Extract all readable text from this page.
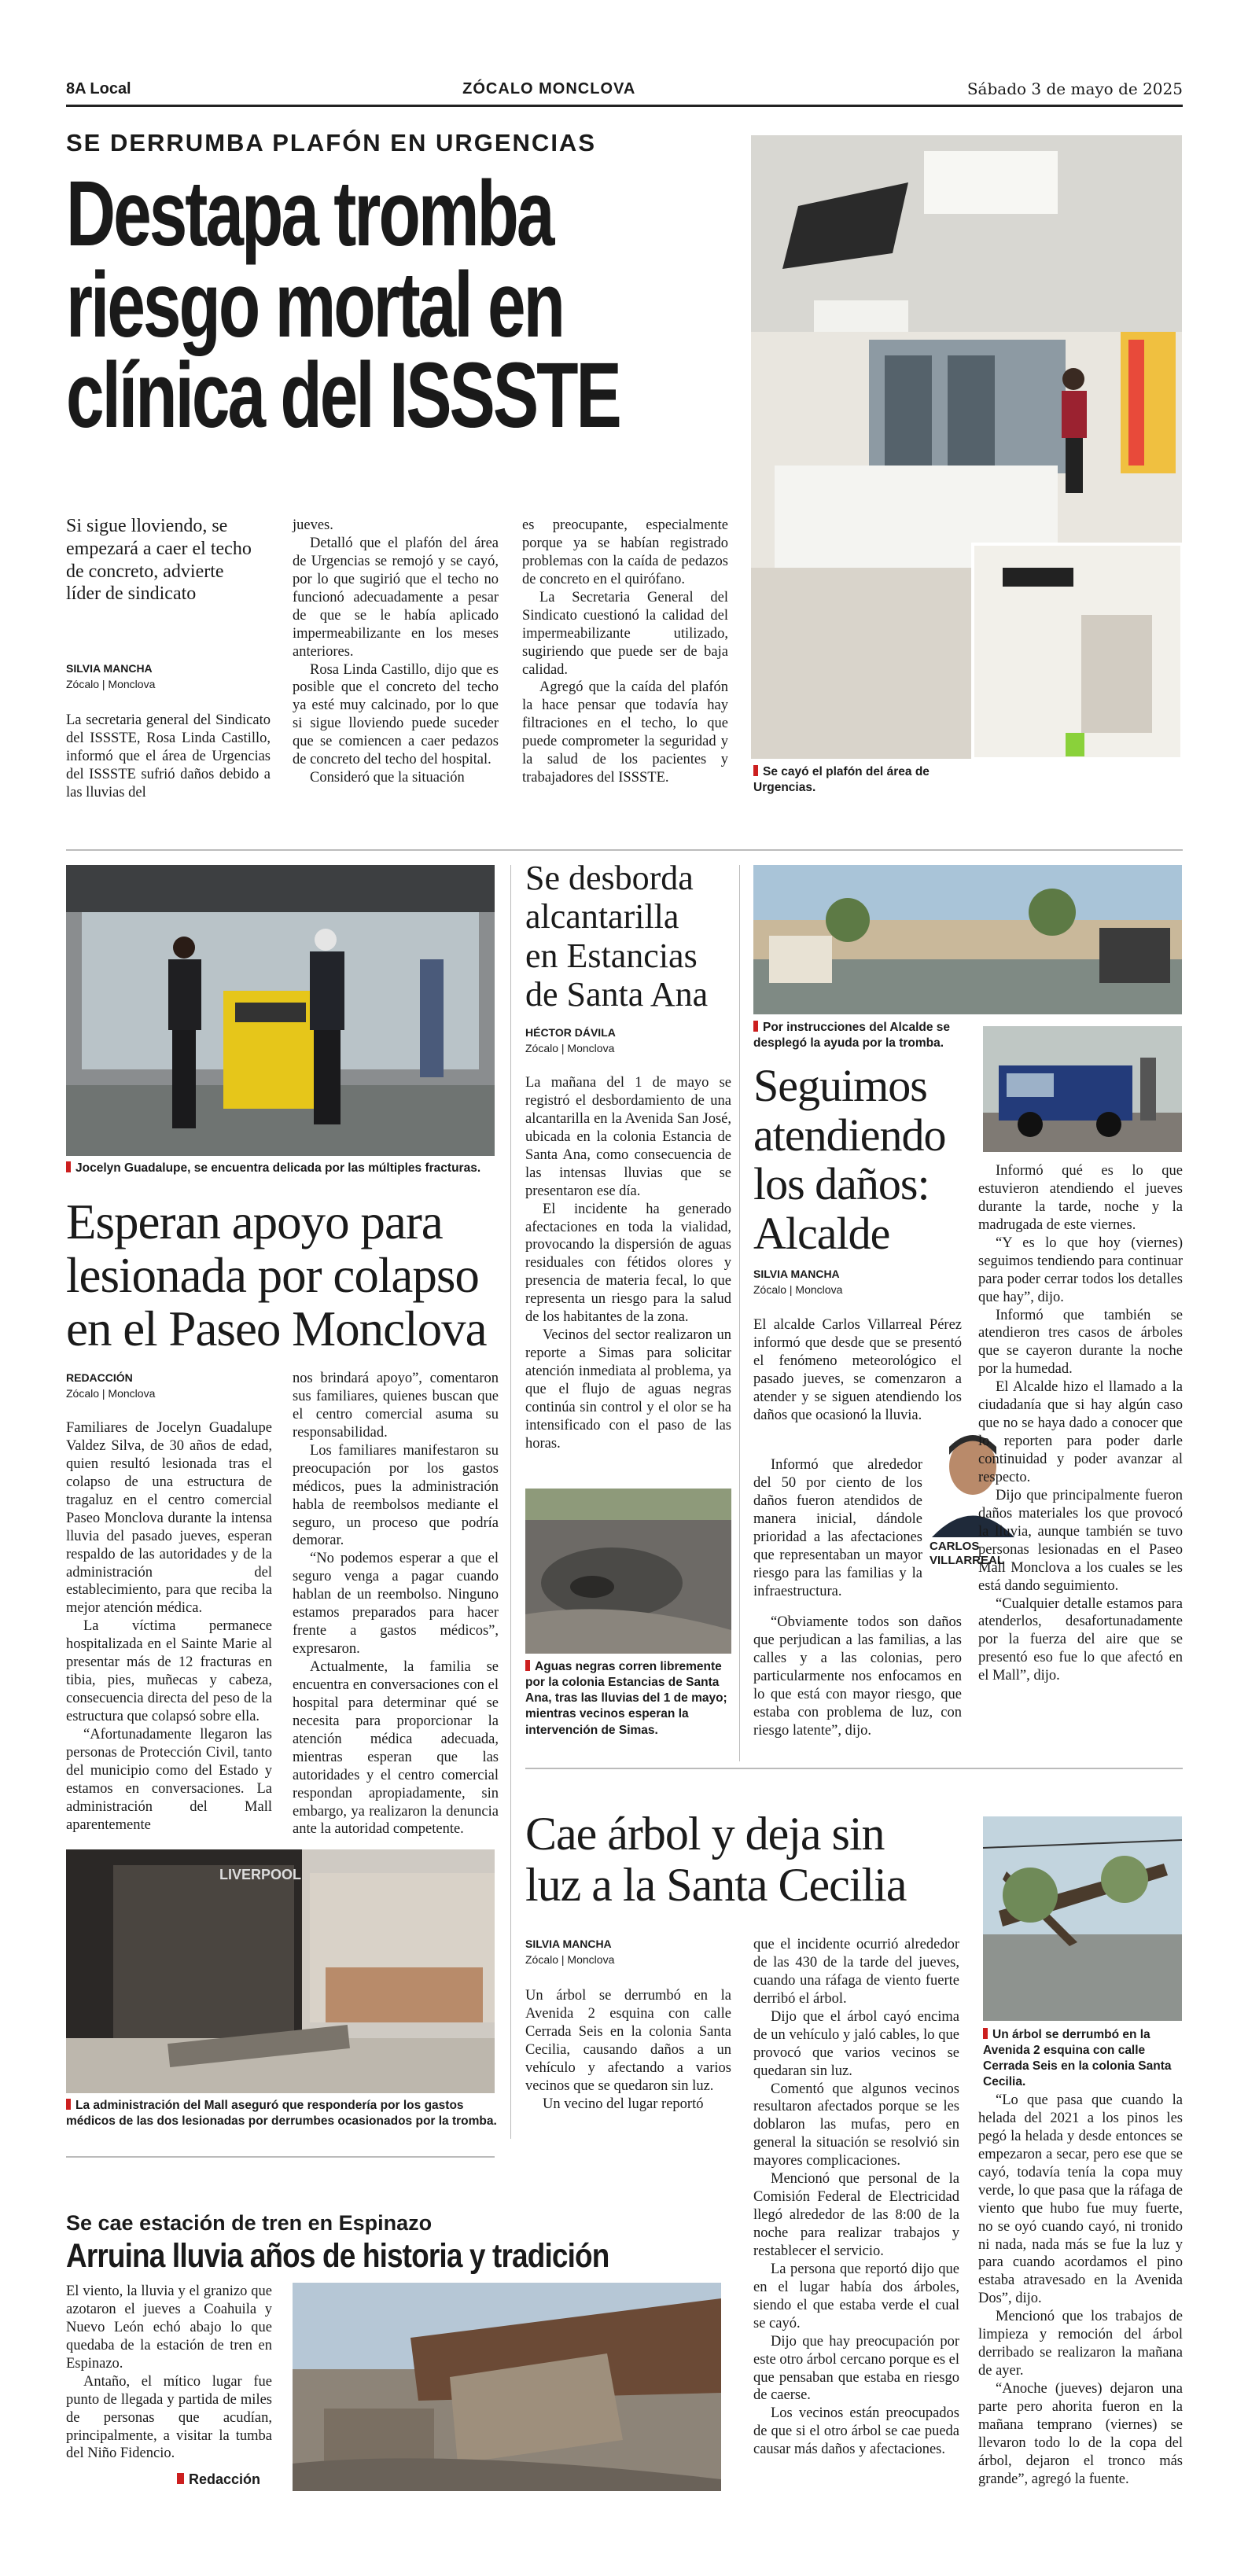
8A Local	ZÓCALO MONCLOVA	Sábado 3 de mayo de 2025
SE DERRUMBA PLAFÓN EN URGENCIAS
Destapa tromba
riesgo mortal en
clínica del ISSSTE
Si sigue lloviendo, se empezará a caer el techo de concreto, advierte líder de sindicato
SILVIA MANCHA
Zócalo | Monclova

La secretaria general del Sindicato del ISSSTE, Rosa Linda Castillo, informó que el área de Urgencias del ISSSTE sufrió daños debido a las lluvias del

jueves.

Detalló que el plafón del área de Urgencias se remojó y se cayó, por lo que sugirió que el techo no funcionó adecuadamente a pesar de que se le había aplicado impermeabilizante en los meses anteriores.

Rosa Linda Castillo, dijo que es posible que el concreto del techo ya esté muy calcinado, por lo que si sigue lloviendo puede suceder que se comiencen a caer pedazos de concreto del techo del hospital.

Consideró que la situación

es preocupante, especialmente porque ya se habían registrado problemas con la caída de pedazos de concreto en el quirófano.

La Secretaria General del Sindicato cuestionó la calidad del impermeabilizante utilizado, sugiriendo que puede ser de baja calidad.

Agregó que la caída del plafón la hace pensar que todavía hay filtraciones en el techo, lo que puede comprometer la seguridad y la salud de los pacientes y trabajadores del ISSSTE.	Se cayó el plafón del área de Urgencias.
Jocelyn Guadalupe, se encuentra delicada por las múltiples fracturas.
Esperan apoyo para
lesionada por colapso
en el Paseo Monclova
REDACCIÓN
Zócalo | Monclova

Familiares de Jocelyn Guadalupe Valdez Silva, de 30 años de edad, quien resultó lesionada tras el colapso de una estructura de tragaluz en el centro comercial Paseo Monclova durante la intensa lluvia del pasado jueves, esperan respaldo de las autoridades y de la administración del establecimiento, para que reciba la mejor atención médica.

La víctima permanece hospitalizada en el Sainte Marie al presentar más de 12 fracturas en tibia, pies, muñecas y cabeza, consecuencia directa del peso de la estructura que colapsó sobre ella.

“Afortunadamente llegaron las personas de Protección Civil, tanto del municipio como del Estado y estamos en conversaciones. La administración del Mall aparentemente

nos brindará apoyo”, comentaron sus familiares, quienes buscan que el centro comercial asuma su responsabilidad.

Los familiares manifestaron su preocupación por los gastos médicos, pues la administración habla de reembolsos mediante el seguro, un proceso que podría demorar.

“No podemos esperar a que el seguro venga a pagar cuando hablan de un reembolso. Ninguno estamos preparados para hacer frente a gastos médicos”, expresaron.

Actualmente, la familia se encuentra en conversaciones con el hospital para determinar qué se necesita para proporcionar la atención médica adecuada, mientras esperan que las autoridades y el centro comercial respondan apropiadamente, sin embargo, ya realizaron la denuncia ante la autoridad competente.

LIVERPOOL
La administración del Mall aseguró que respondería por los gastos médicos de las dos lesionadas por derrumbes ocasionados por la tromba.
Se desborda
alcantarilla
en Estancias
de Santa Ana
HÉCTOR DÁVILA
Zócalo | Monclova

La mañana del 1 de mayo se registró el desbordamiento de una alcantarilla en la Avenida San José, ubicada en la colonia Estancia de Santa Ana, como consecuencia de las intensas lluvias que se presentaron ese día.

El incidente ha generado afectaciones en toda la vialidad, provocando la dispersión de aguas residuales con fétidos olores y presencia de materia fecal, lo que representa un riesgo para la salud de los habitantes de la zona.

Vecinos del sector realizaron un reporte a Simas para solicitar atención inmediata al problema, ya que el flujo de aguas negras continúa sin control y el olor se ha intensificado con el paso de las horas.

Aguas negras corren libremente por la colonia Estancias de Santa Ana, tras las lluvias del 1 de mayo; mientras vecinos esperan la intervención de Simas.
Por instrucciones del Alcalde se desplegó la ayuda por la tromba.
Seguimos
atendiendo
los daños:
Alcalde
SILVIA MANCHA
Zócalo | Monclova

El alcalde Carlos Villarreal Pérez informó que desde que se presentó el fenómeno meteorológico el pasado jueves, se comenzaron a atender y se siguen atendiendo los daños que ocasionó la lluvia.

Informó que alrededor del 50 por ciento de los daños fueron atendidos de manera inicial, dándole prioridad a las afectaciones que representaban un mayor riesgo para las familias y la infraestructura.

“Obviamente todos son daños que perjudican a las familias, a las calles y a las colonias, pero particularmente nos enfocamos en lo que está con mayor riesgo, que estaba con problema de luz, con riesgo latente”, dijo.

CARLOS
VILLARREAL

Informó qué es lo que estuvieron atendiendo el jueves durante la tarde, noche y la madrugada de este viernes.

“Y es lo que hoy (viernes) seguimos tendiendo para continuar para poder cerrar todos los detalles que hay”, dijo.

Informó que también se atendieron tres casos de árboles que se cayeron durante la noche por la humedad.

El Alcalde hizo el llamado a la ciudadanía que si hay algún caso que no se haya dado a conocer que lo reporten para poder darle continuidad y poder avanzar al respecto.

Dijo que principalmente fueron daños materiales los que provocó la lluvia, aunque también se tuvo personas lesionadas en el Paseo Mall Monclova a los cuales se les está dando seguimiento.

“Cualquier detalle estamos para atenderlos, desafortunadamente por la fuerza del aire que se presentó eso fue lo que afectó en el Mall”, dijo.

Cae árbol y deja sin
luz a la Santa Cecilia
SILVIA MANCHA
Zócalo | Monclova

Un árbol se derrumbó en la Avenida 2 esquina con calle Cerrada Seis en la colonia Santa Cecilia, causando daños a un vehículo y afectando a varios vecinos que se quedaron sin luz.

Un vecino del lugar reportó

que el incidente ocurrió alrededor de las 430 de la tarde del jueves, cuando una ráfaga de viento fuerte derribó el árbol.

Dijo que el árbol cayó encima de un vehículo y jaló cables, lo que provocó que varios vecinos se quedaran sin luz.

Comentó que algunos vecinos resultaron afectados porque se les doblaron las mufas, pero en general la situación se resolvió sin mayores complicaciones.

Mencionó que personal de la Comisión Federal de Electricidad llegó alrededor de las 8:00 de la noche para realizar trabajos y restablecer el servicio.

La persona que reportó dijo que en el lugar había dos árboles, siendo el que estaba verde el cual se cayó.

Dijo que hay preocupación por este otro árbol cercano porque es el que pensaban que estaba en riesgo de caerse.

Los vecinos están preocupados de que si el otro árbol se cae pueda causar más daños y afectaciones.

Un árbol se derrumbó en la Avenida 2 esquina con calle Cerrada Seis en la colonia Santa Cecilia.

“Lo que pasa que cuando la helada del 2021 a los pinos les pegó la helada y desde entonces se empezaron a secar, pero ese que se cayó, todavía tenía la copa muy verde, lo que pasa que la ráfaga de viento que hubo fue muy fuerte, no se oyó cuando cayó, ni tronido ni nada, nada más se fue la luz y para cuando acordamos el pino estaba atravesado en la Avenida Dos”, dijo.

Mencionó que los trabajos de limpieza y remoción del árbol derribado se realizaron la mañana de ayer.

“Anoche (jueves) dejaron una parte pero ahorita fueron en la mañana temprano (viernes) se llevaron todo lo de la copa del árbol, dejaron el tronco más grande”, agregó la fuente.

Se cae estación de tren en Espinazo
Arruina lluvia años de historia y tradición

El viento, la lluvia y el granizo que azotaron el jueves a Coahuila y Nuevo León echó abajo lo que quedaba de la estación de tren en Espinazo.

Antaño, el mítico lugar fue punto de llegada y partida de miles de personas que acudían, principalmente, a visitar la tumba del Niño Fidencio.

Redacción
